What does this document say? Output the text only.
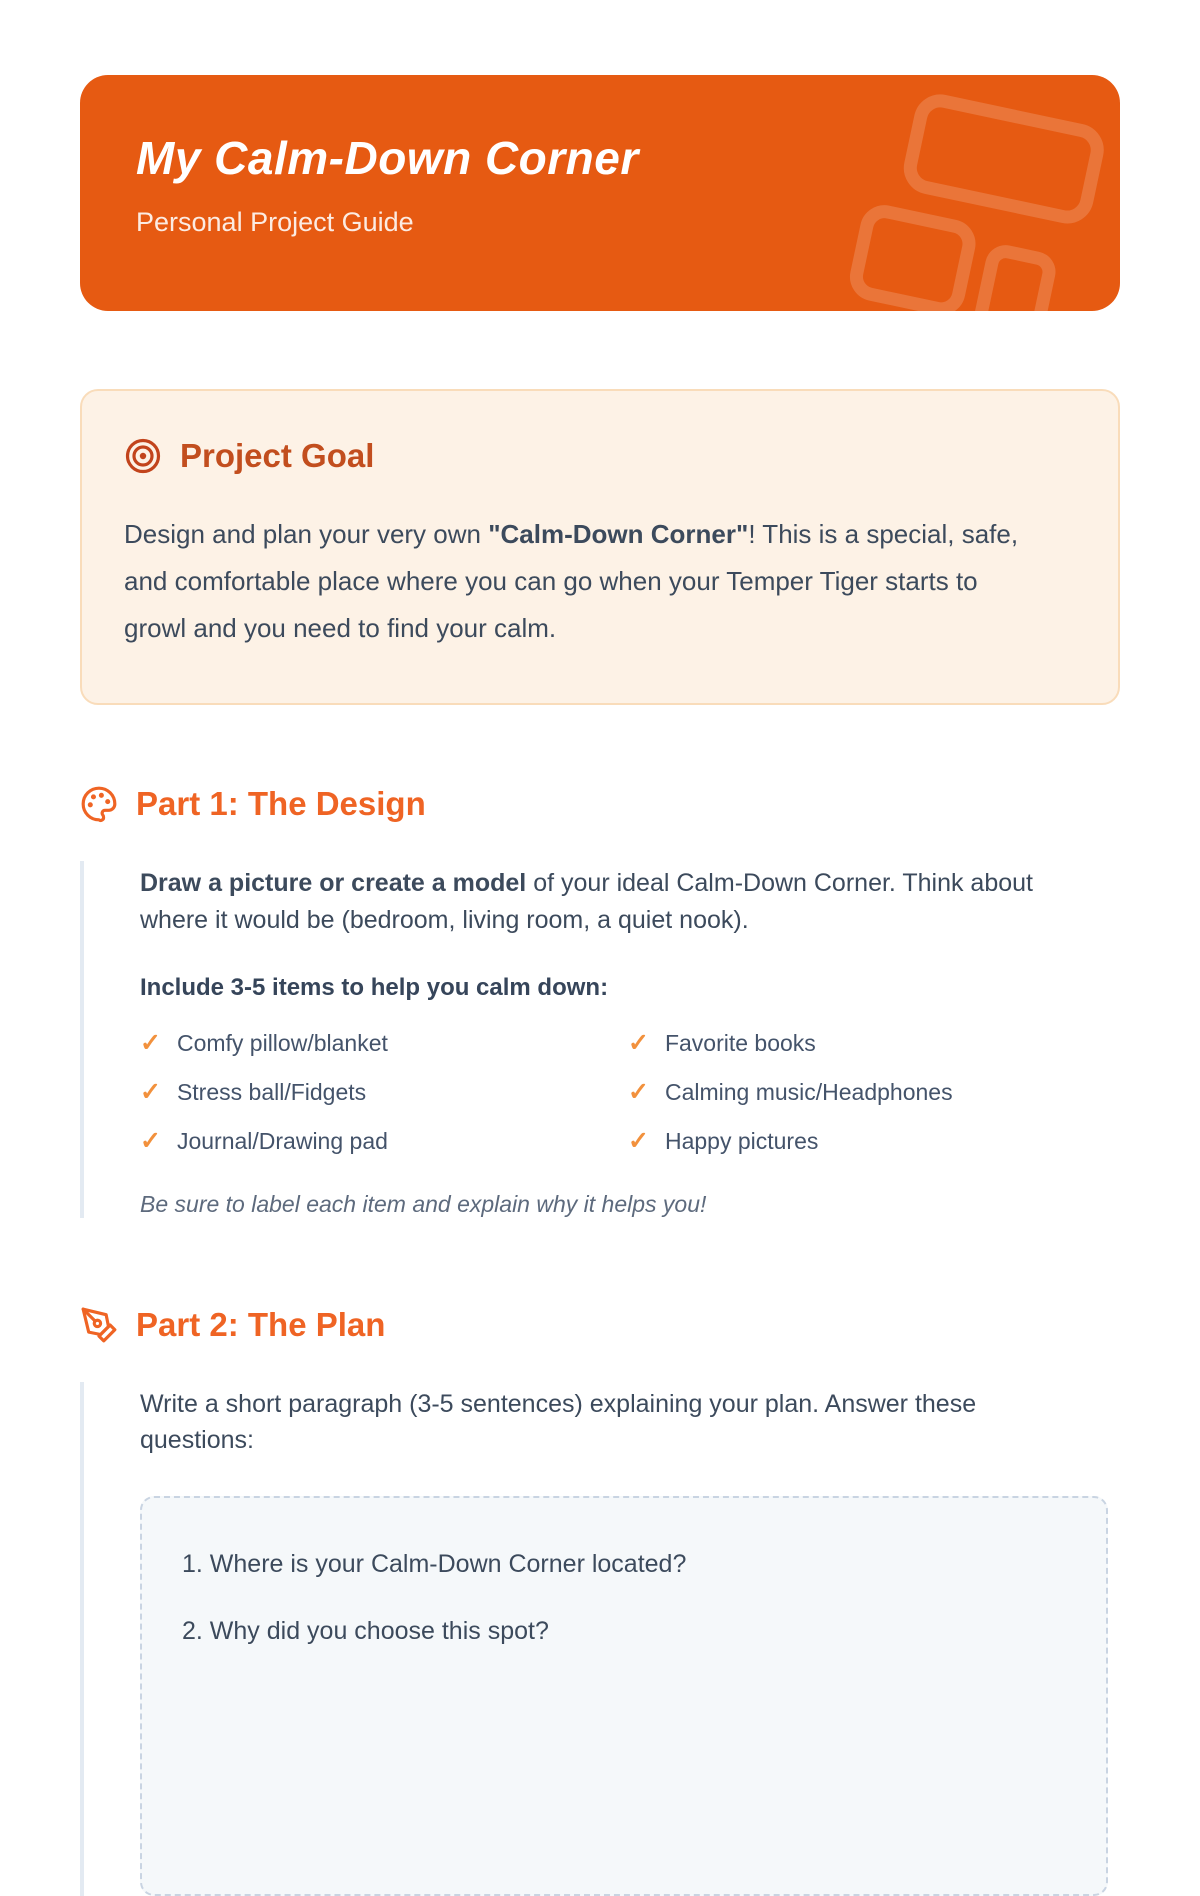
My Calm-Down Corner
Personal Project Guide
Project Goal

Design and plan your very own "Calm-Down Corner"! This is a special, safe, and comfortable place where you can go when your Temper Tiger starts to growl and you need to find your calm.

Part 1: The Design

Draw a picture or create a model of your ideal Calm-Down Corner. Think about where it would be (bedroom, living room, a quiet nook).

Include 3-5 items to help you calm down:
✓ Comfy pillow/blanket	✓ Favorite books
✓ Stress ball/Fidgets	✓ Calming music/Headphones
✓ Journal/Drawing pad	✓ Happy pictures
Be sure to label each item and explain why it helps you!
Part 2: The Plan

Write a short paragraph (3-5 sentences) explaining your plan. Answer these questions:

1. Where is your Calm-Down Corner located?
2. Why did you choose this spot?
